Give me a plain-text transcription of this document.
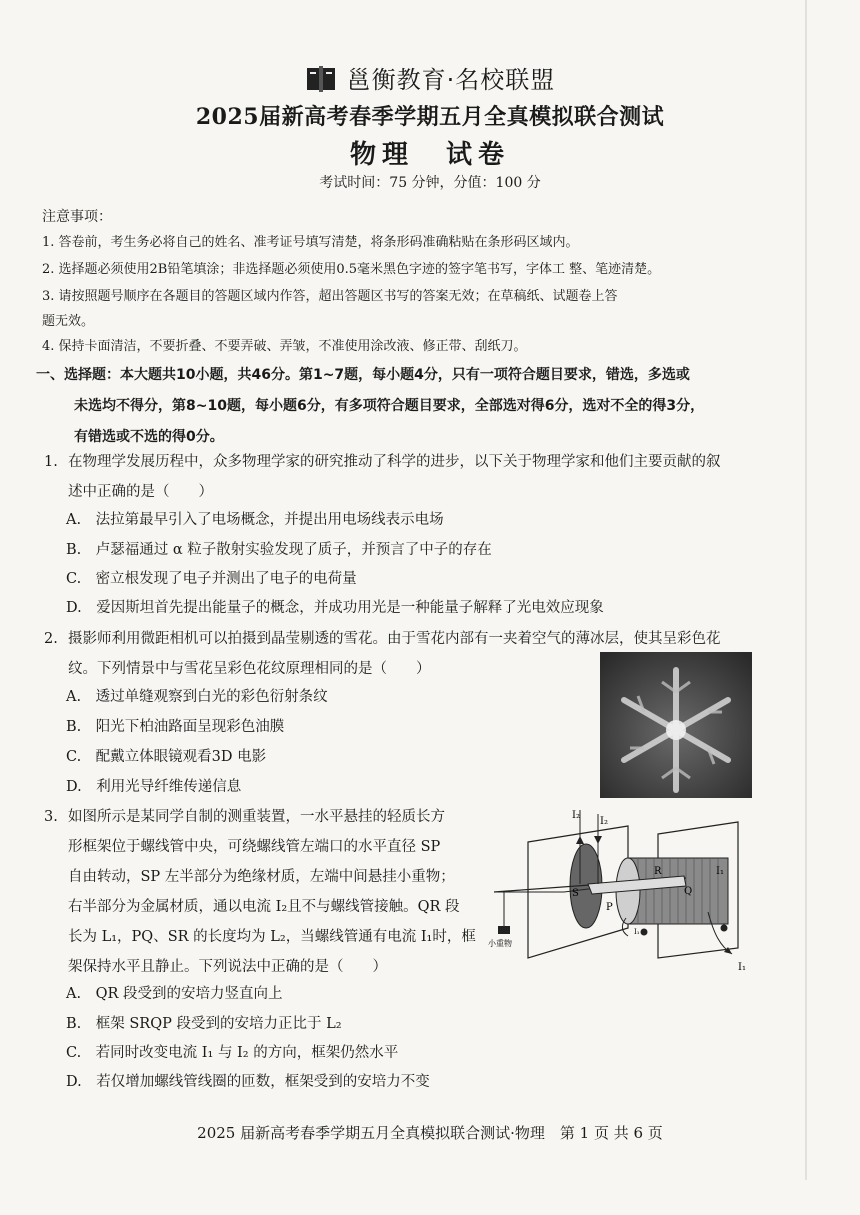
邕衡教育·名校联盟
2025届新高考春季学期五月全真模拟联合测试
物理　试卷
考试时间：75 分钟，分值：100 分
注意事项：
1. 答卷前，考生务必将自己的姓名、准考证号填写清楚，将条形码准确粘贴在条形码区域内。
2. 选择题必须使用2B铅笔填涂；非选择题必须使用0.5毫米黑色字迹的签字笔书写，字体工 整、笔迹清楚。
3. 请按照题号顺序在各题目的答题区域内作答，超出答题区书写的答案无效；在草稿纸、试题卷上答
题无效。
4. 保持卡面清洁，不要折叠、不要弄破、弄皱，不准使用涂改液、修正带、刮纸刀。
一、选择题：本大题共10小题，共46分。第1~7题，每小题4分，只有一项符合题目要求，错选，多选或
未选均不得分，第8~10题，每小题6分，有多项符合题目要求，全部选对得6分，选对不全的得3分，
有错选或不选的得0分。
1. 在物理学发展历程中，众多物理学家的研究推动了科学的进步，以下关于物理学家和他们主要贡献的叙
述中正确的是（　　）
A.　法拉第最早引入了电场概念，并提出用电场线表示电场
B.　卢瑟福通过 α 粒子散射实验发现了质子，并预言了中子的存在
C.　密立根发现了电子并测出了电子的电荷量
D.　爱因斯坦首先提出能量子的概念，并成功用光是一种能量子解释了光电效应现象
2. 摄影师利用微距相机可以拍摄到晶莹剔透的雪花。由于雪花内部有一夹着空气的薄冰层，使其呈彩色花
纹。下列情景中与雪花呈彩色花纹原理相同的是（　　）
A.　透过单缝观察到白光的彩色衍射条纹
B.　阳光下柏油路面呈现彩色油膜
C.　配戴立体眼镜观看3D 电影
D.　利用光导纤维传递信息
3. 如图所示是某同学自制的测重装置，一水平悬挂的轻质长方
形框架位于螺线管中央，可绕螺线管左端口的水平直径 SP
自由转动，SP 左半部分为绝缘材质，左端中间悬挂小重物；
右半部分为金属材质，通以电流 I₂且不与螺线管接触。QR 段
长为 L₁，PQ、SR 的长度均为 L₂，当螺线管通有电流 I₁时，框
架保持水平且静止。下列说法中正确的是（　　）
A.　QR 段受到的安培力竖直向上
B.　框架 SRQP 段受到的安培力正比于 L₂
C.　若同时改变电流 I₁ 与 I₂ 的方向，框架仍然水平
D.　若仅增加螺线管线圈的匝数，框架受到的安培力不变
I₂
I₂
S
P
R
Q
I₁
I₁
I₁
小重物
2025 届新高考春季学期五月全真模拟联合测试·物理　第 1 页 共 6 页
